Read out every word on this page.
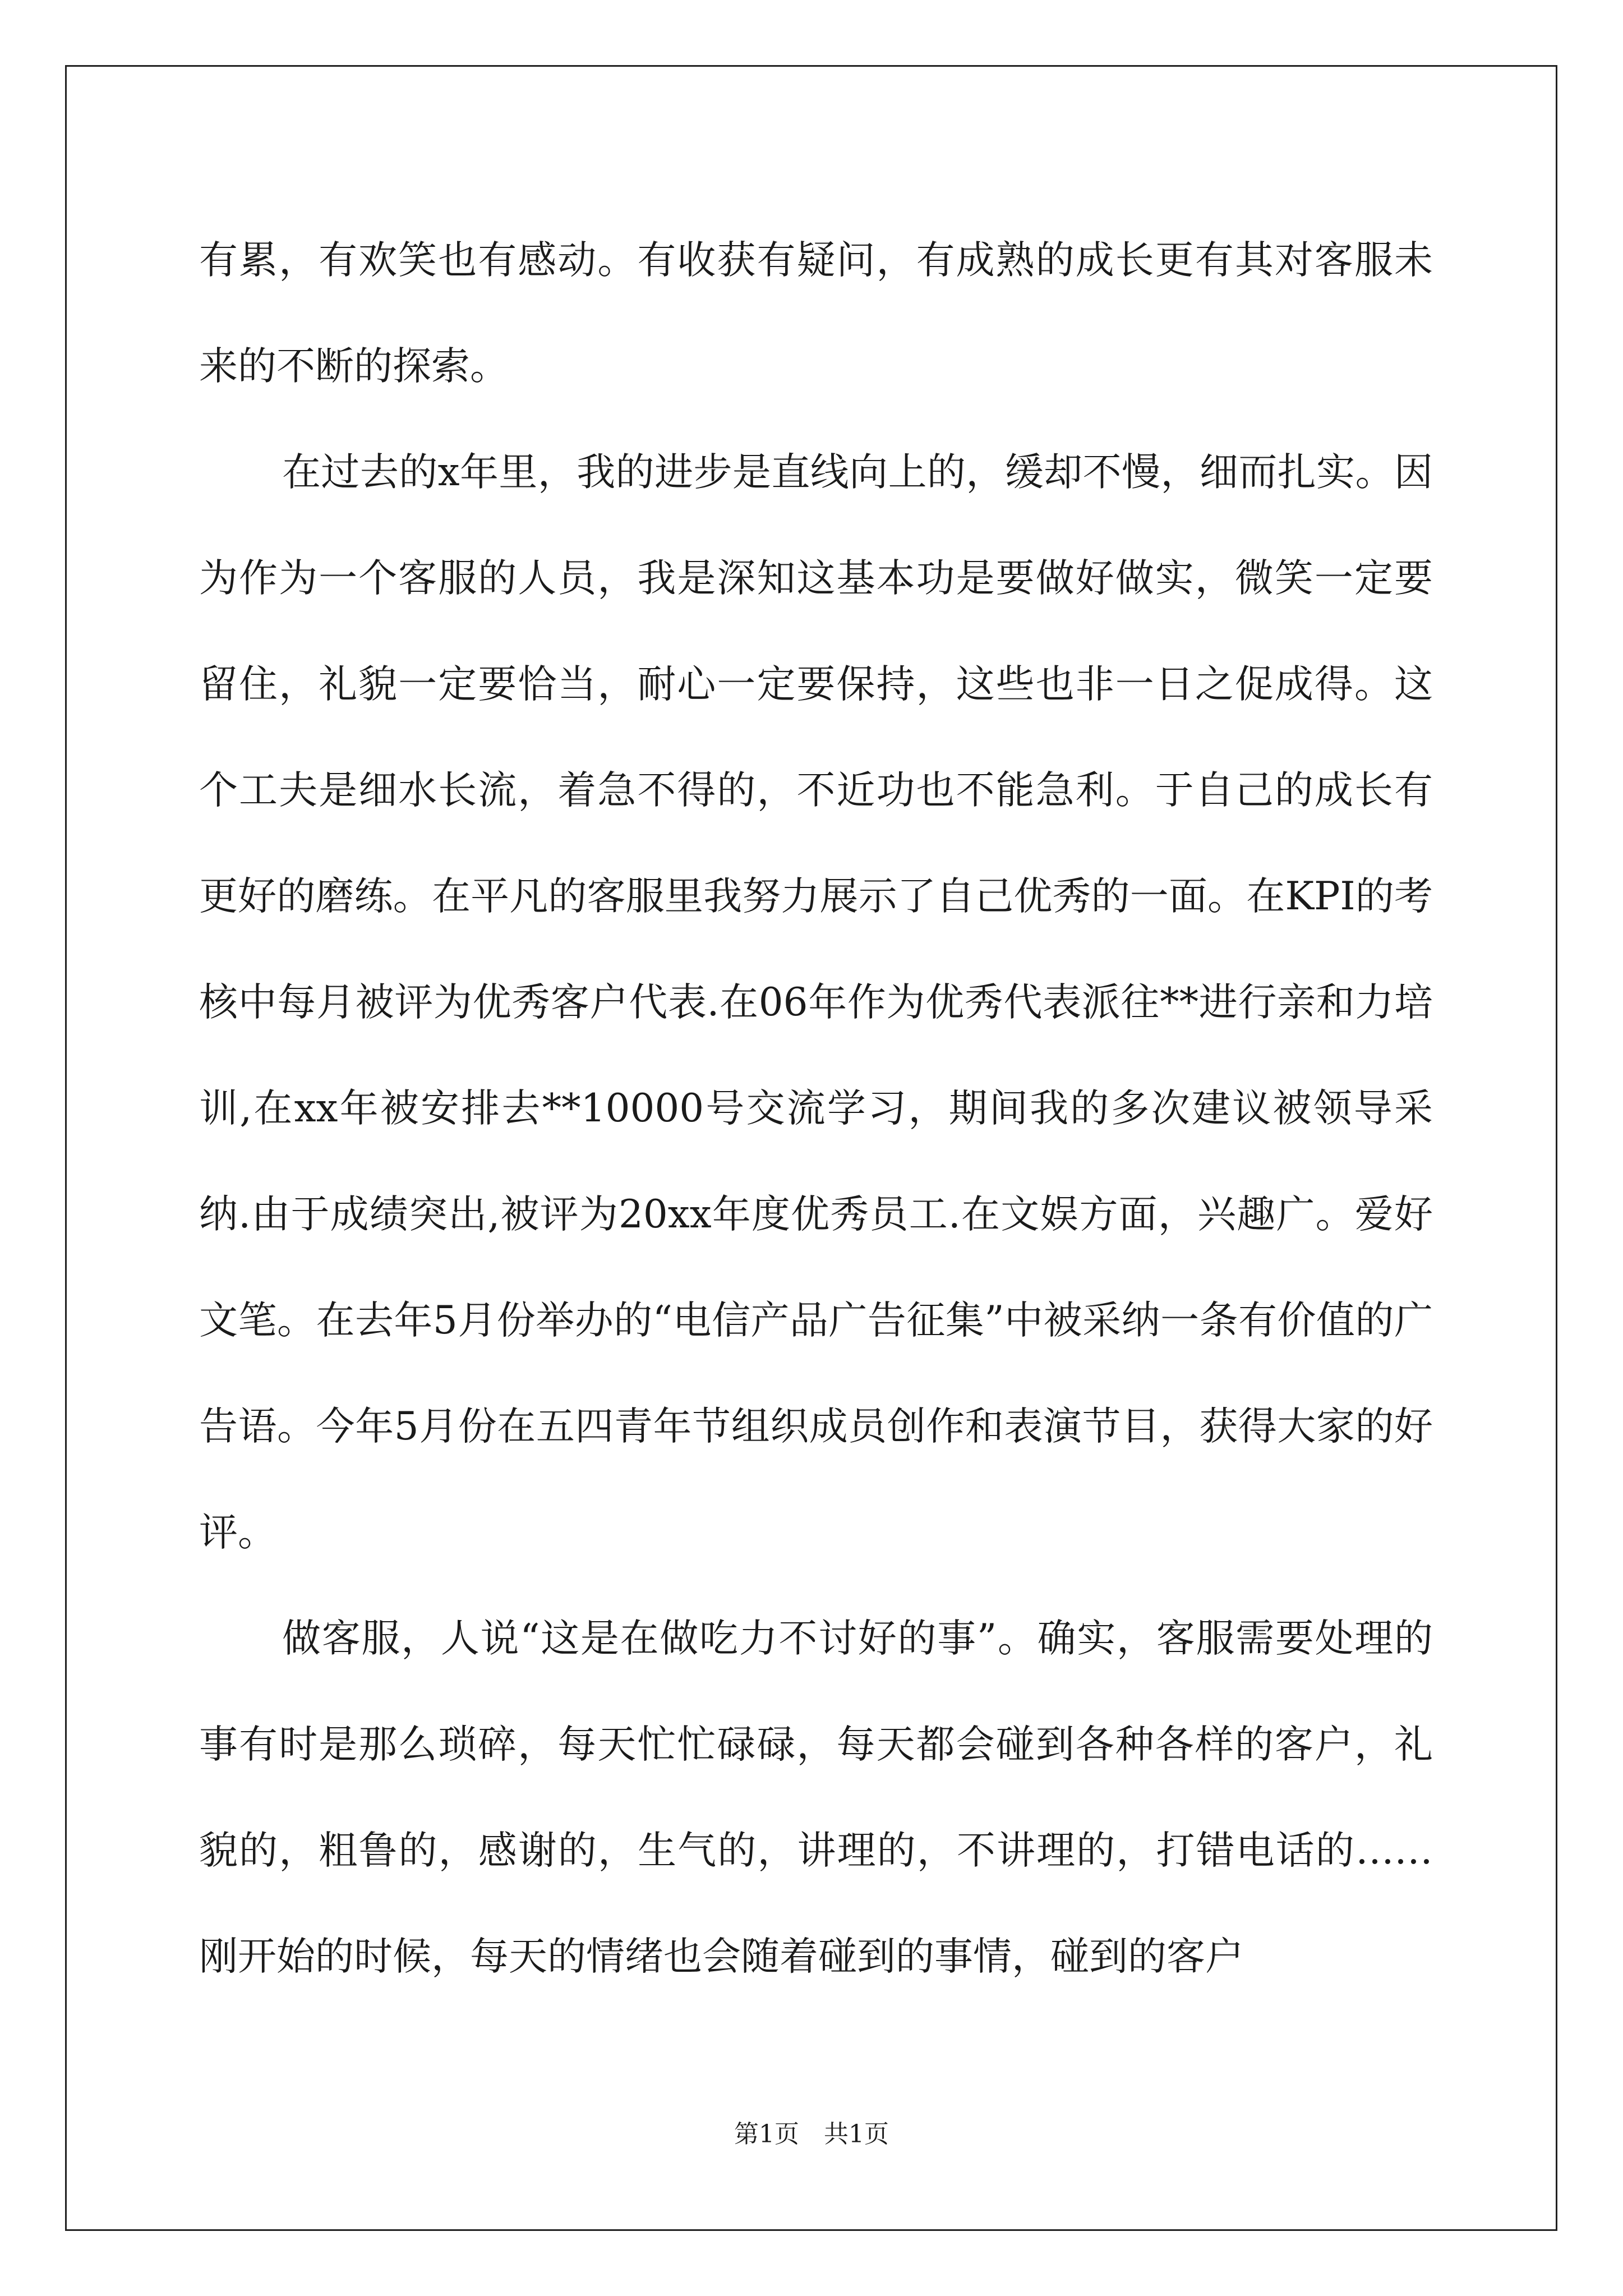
有累，有欢笑也有感动。有收获有疑问，有成熟的成长更有其对客服未来的不断的探索。

在过去的x年里，我的进步是直线向上的，缓却不慢，细而扎实。因为作为一个客服的人员，我是深知这基本功是要做好做实，微笑一定要留住，礼貌一定要恰当，耐心一定要保持，这些也非一日之促成得。这个工夫是细水长流，着急不得的，不近功也不能急利。于自己的成长有更好的磨练。在平凡的客服里我努力展示了自己优秀的一面。在KPI的考核中每月被评为优秀客户代表.在06年作为优秀代表派往**进行亲和力培训,在xx年被安排去**10000号交流学习，期间我的多次建议被领导采纳.由于成绩突出,被评为20xx年度优秀员工.在文娱方面，兴趣广。爱好文笔。在去年5月份举办的“电信产品广告征集”中被采纳一条有价值的广告语。今年5月份在五四青年节组织成员创作和表演节目，获得大家的好评。

做客服，人说“这是在做吃力不讨好的事”。确实，客服需要处理的事有时是那么琐碎，每天忙忙碌碌，每天都会碰到各种各样的客户，礼貌的，粗鲁的，感谢的，生气的，讲理的，不讲理的，打错电话的……刚开始的时候，每天的情绪也会随着碰到的事情，碰到的客户

第1页　共1页
